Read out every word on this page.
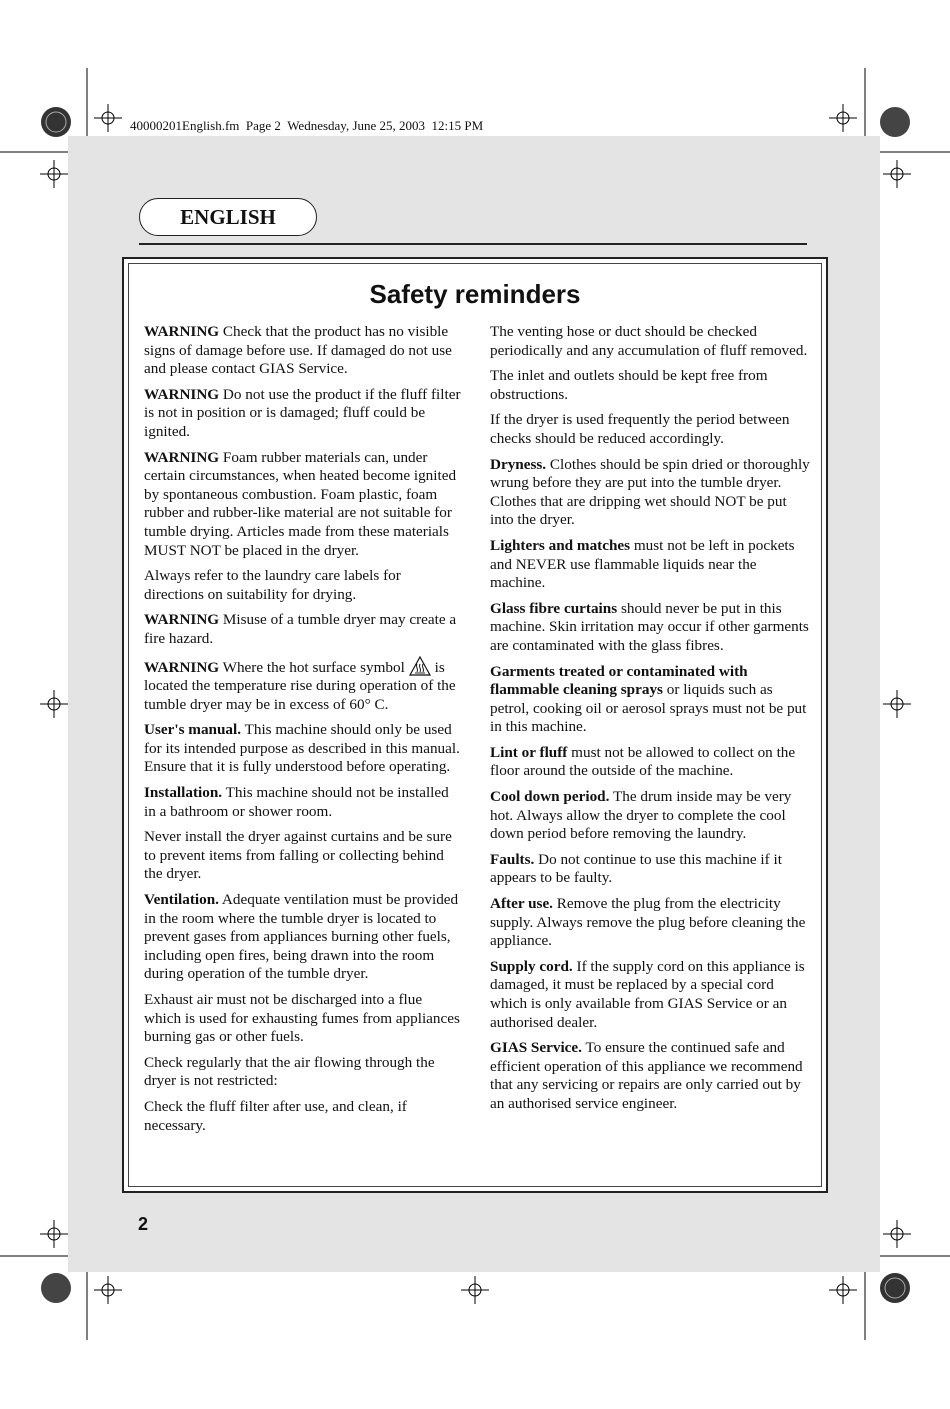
40000201English.fm  Page 2  Wednesday, June 25, 2003  12:15 PM
ENGLISH
Safety reminders

WARNING Check that the product has no visible signs of damage before use. If damaged do not use and please contact GIAS Service.

WARNING Do not use the product if the fluff filter is not in position or is damaged; fluff could be ignited.

WARNING Foam rubber materials can, under certain circumstances, when heated become ignited by spontaneous combustion. Foam plastic, foam rubber and rubber-like material are not suitable for tumble drying. Articles made from these materials MUST NOT be placed in the dryer.

Always refer to the laundry care labels for directions on suitability for drying.

WARNING Misuse of a tumble dryer may create a fire hazard.

WARNING Where the hot surface symbol is located the temperature rise during operation of the tumble dryer may be in excess of 60° C.

User's manual. This machine should only be used for its intended purpose as described in this manual. Ensure that it is fully understood before operating.

Installation. This machine should not be installed in a bathroom or shower room.

Never install the dryer against curtains and be sure to prevent items from falling or collecting behind the dryer.

Ventilation. Adequate ventilation must be provided in the room where the tumble dryer is located to prevent gases from appliances burning other fuels, including open fires, being drawn into the room during operation of the tumble dryer.

Exhaust air must not be discharged into a flue which is used for exhausting fumes from appliances burning gas or other fuels.

Check regularly that the air flowing through the dryer is not restricted:

Check the fluff filter after use, and clean, if necessary.

The venting hose or duct should be checked periodically and any accumulation of fluff removed.

The inlet and outlets should be kept free from obstructions.

If the dryer is used frequently the period between checks should be reduced accordingly.

Dryness. Clothes should be spin dried or thoroughly wrung before they are put into the tumble dryer. Clothes that are dripping wet should NOT be put into the dryer.

Lighters and matches must not be left in pockets and NEVER use flammable liquids near the machine.

Glass fibre curtains should never be put in this machine. Skin irritation may occur if other garments are contaminated with the glass fibres.

Garments treated or contaminated with flammable cleaning sprays or liquids such as petrol, cooking oil or aerosol sprays must not be put in this machine.

Lint or fluff must not be allowed to collect on the floor around the outside of the machine.

Cool down period. The drum inside may be very hot. Always allow the dryer to complete the cool down period before removing the laundry.

Faults. Do not continue to use this machine if it appears to be faulty.

After use. Remove the plug from the electricity supply. Always remove the plug before cleaning the appliance.

Supply cord. If the supply cord on this appliance is damaged, it must be replaced by a special cord which is only available from GIAS Service or an authorised dealer.

GIAS Service. To ensure the continued safe and efficient operation of this appliance we recommend that any servicing or repairs are only carried out by an authorised service engineer.

2
